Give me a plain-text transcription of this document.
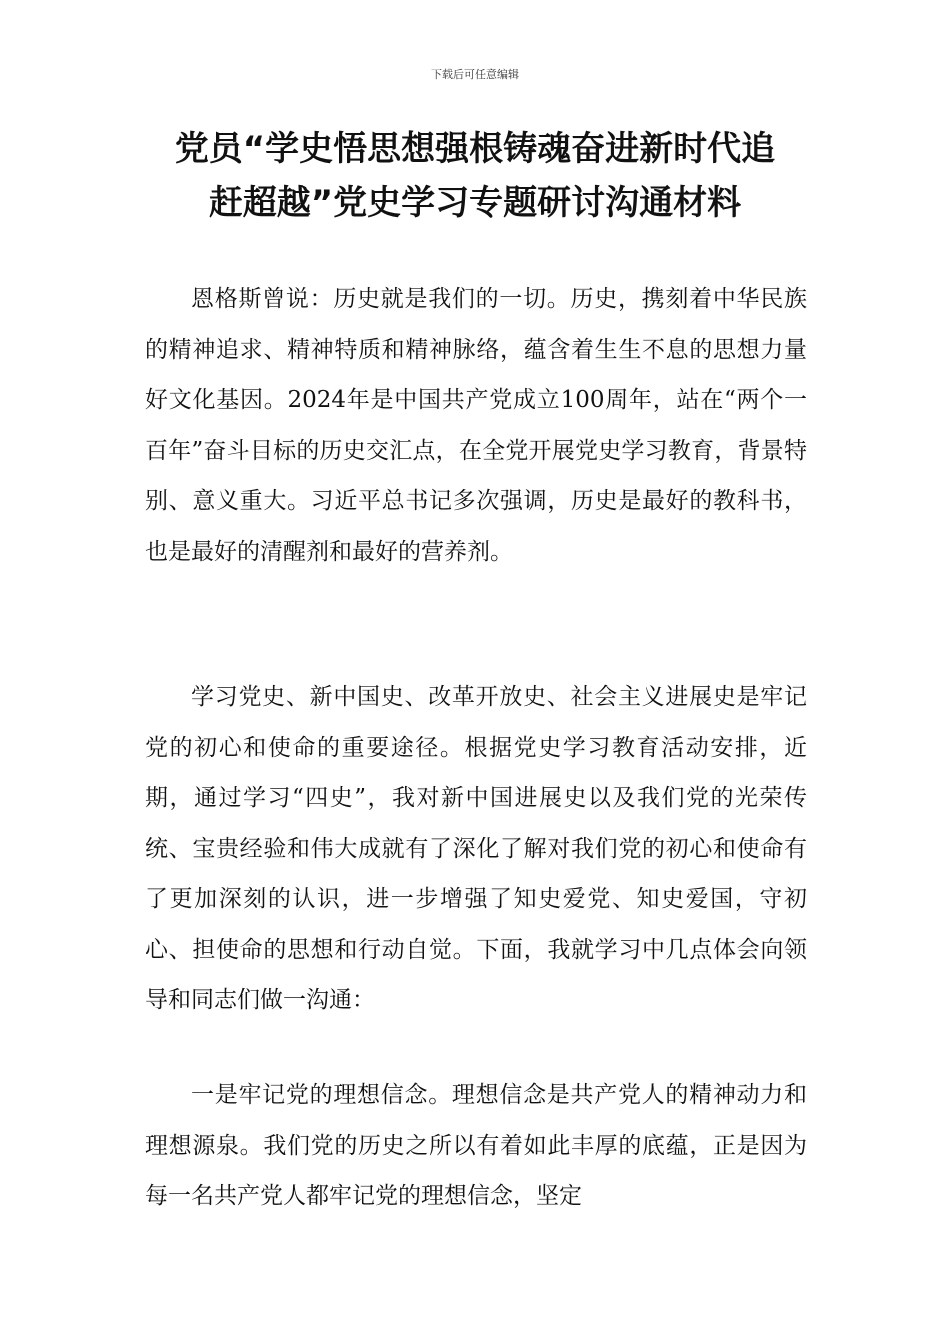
下载后可任意编辑
党员“学史悟思想强根铸魂奋进新时代追
赶超越”党史学习专题研讨沟通材料

恩格斯曾说：历史就是我们的一切。历史，携刻着中华民族的精神追求、精神特质和精神脉络，蕴含着生生不息的思想力量好文化基因。2024年是中国共产党成立100周年，站在“两个一百年”奋斗目标的历史交汇点，在全党开展党史学习教育，背景特别、意义重大。习近平总书记多次强调，历史是最好的教科书，也是最好的清醒剂和最好的营养剂。

学习党史、新中国史、改革开放史、社会主义进展史是牢记党的初心和使命的重要途径。根据党史学习教育活动安排，近期，通过学习“四史”，我对新中国进展史以及我们党的光荣传统、宝贵经验和伟大成就有了深化了解对我们党的初心和使命有了更加深刻的认识，进一步增强了知史爱党、知史爱国，守初心、担使命的思想和行动自觉。下面，我就学习中几点体会向领导和同志们做一沟通：

一是牢记党的理想信念。理想信念是共产党人的精神动力和理想源泉。我们党的历史之所以有着如此丰厚的底蕴，正是因为每一名共产党人都牢记党的理想信念，坚定
